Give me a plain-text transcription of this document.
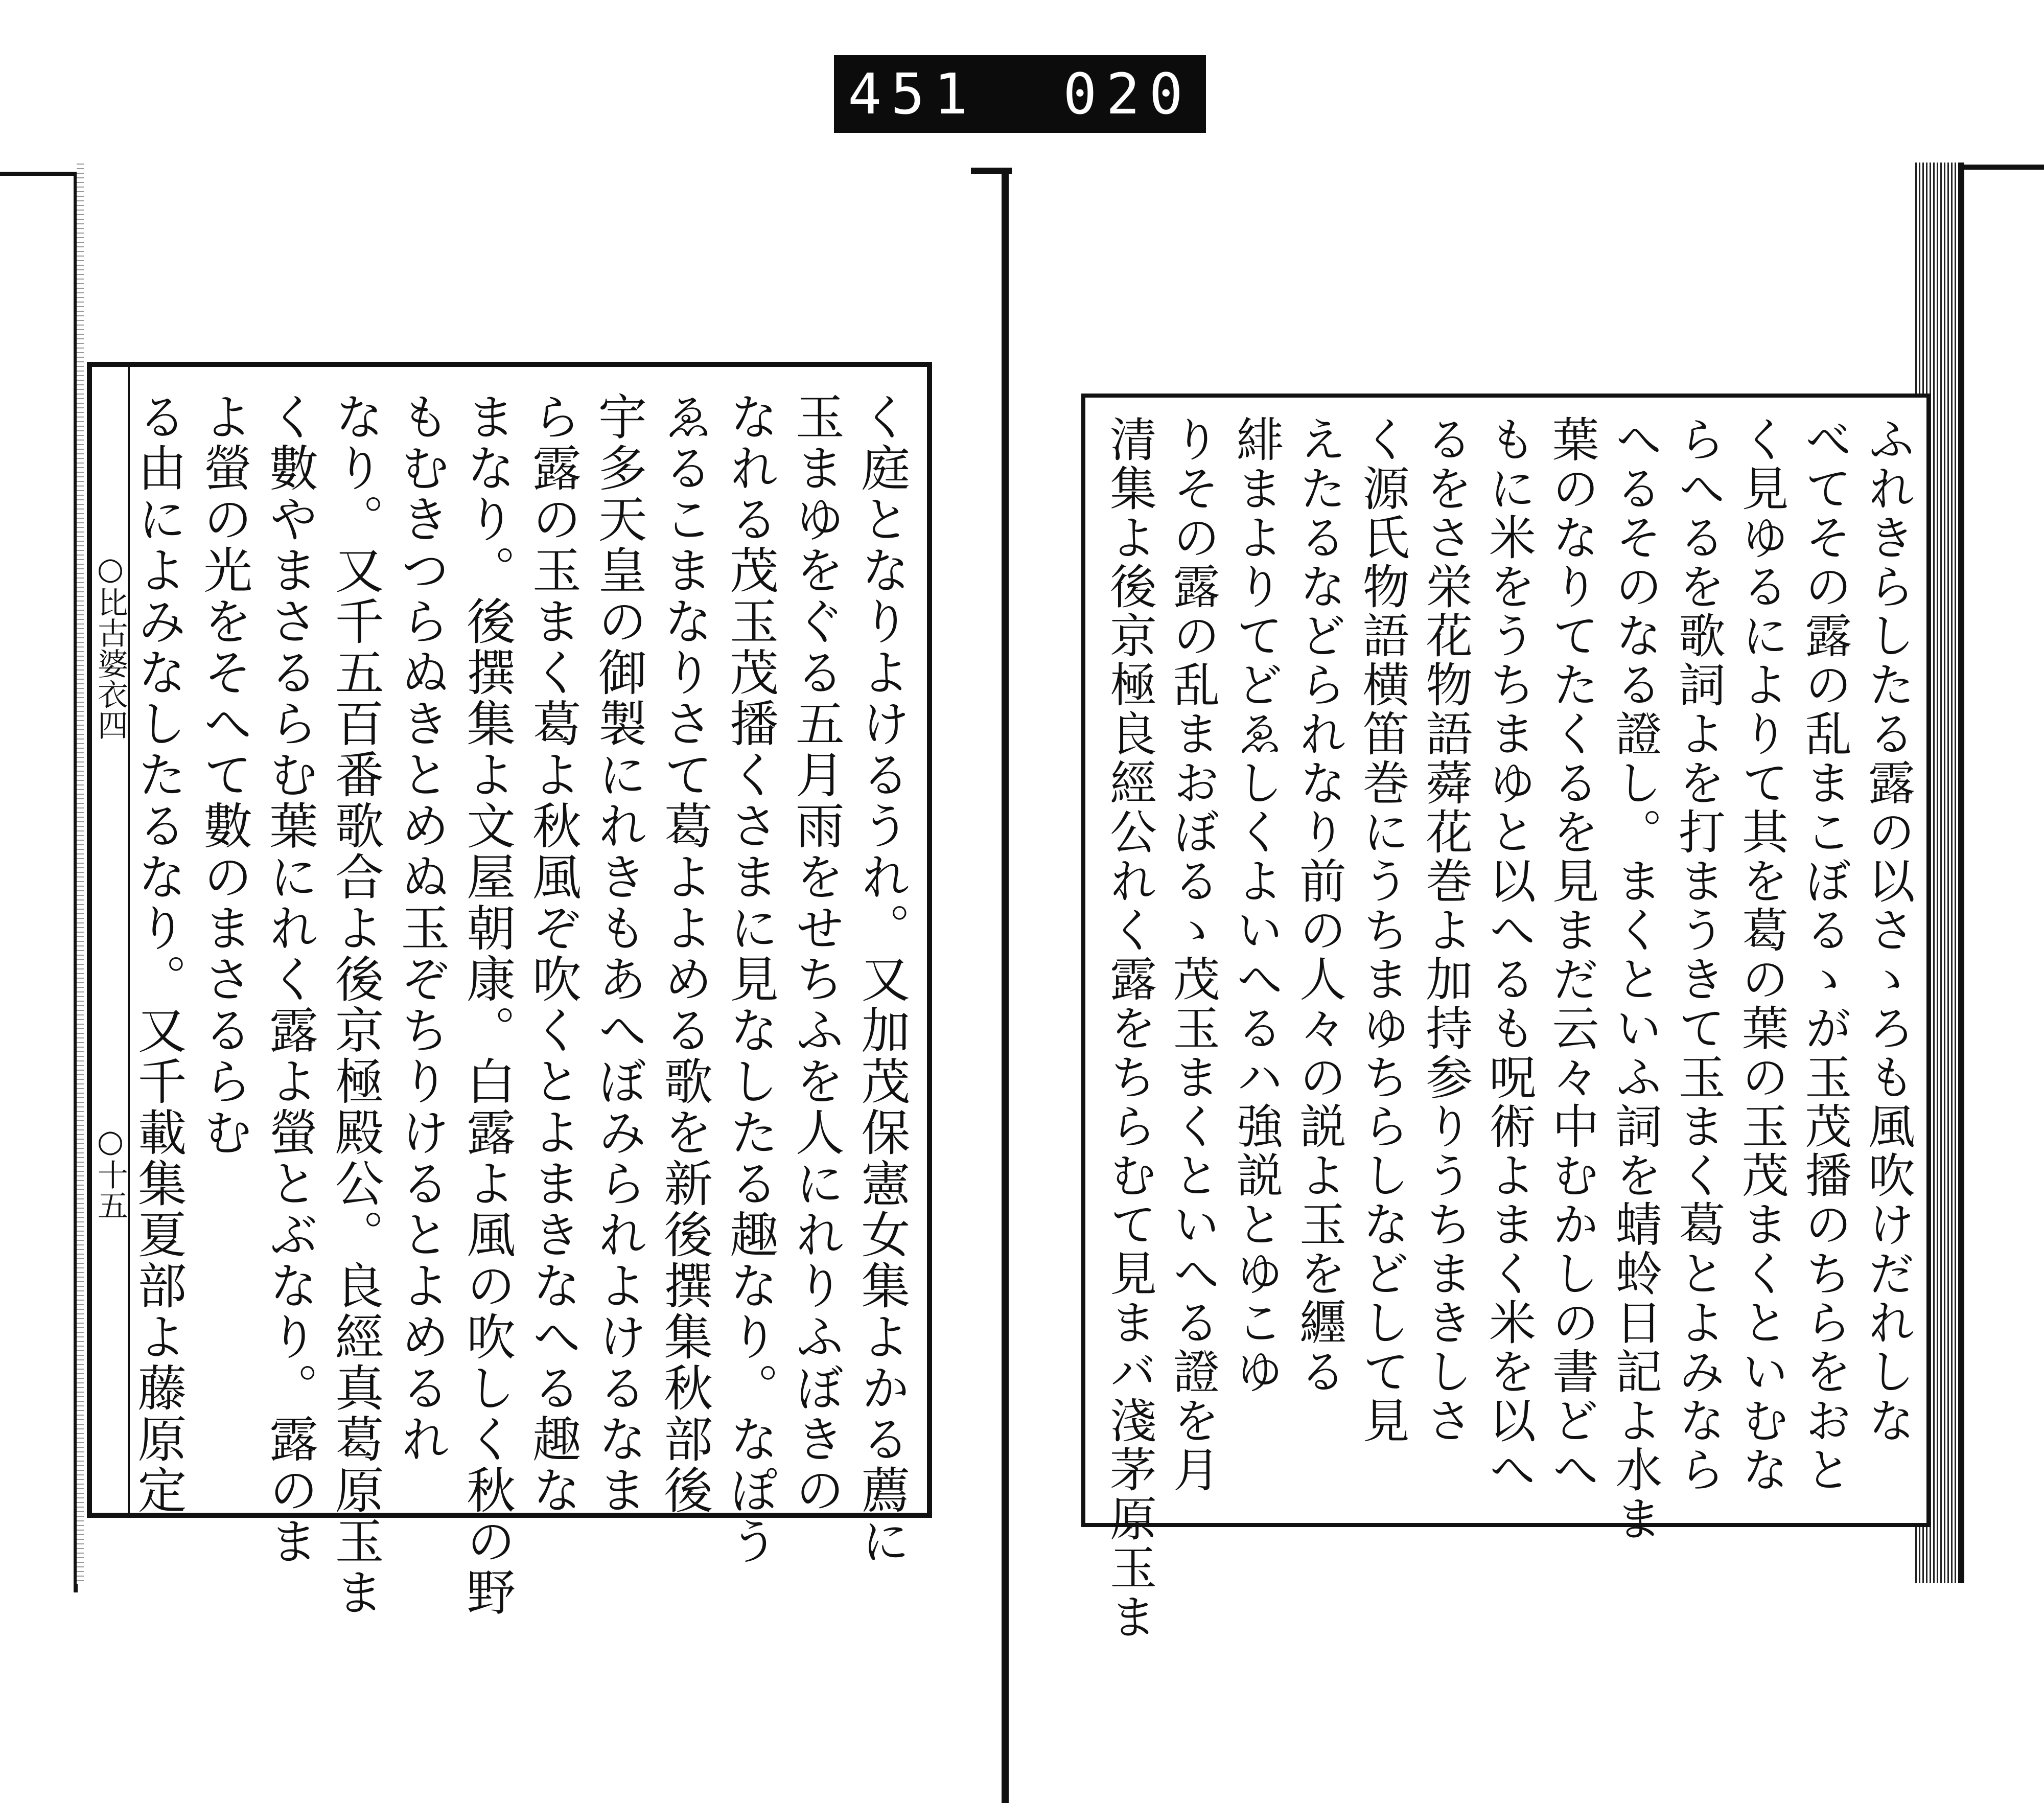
451
020
く庭となりよけるうれ。又加茂保憲女集よかる薦に
玉まゆをぐる五月雨をせちふを人にれりふぼきの
なれる茂玉茂播くさまに見なしたる趣なり。なぽう
ゑるこまなりさて葛よよめる歌を新後撰集秋部後
宇多天皇の御製にれきもあへぼみられよけるなま
ら露の玉まく葛よ秋風ぞ吹くとよまきなへる趣な
まなり。後撰集よ文屋朝康。白露よ風の吹しく秋の野
もむきつらぬきとめぬ玉ぞちりけるとよめるれ
なり。又千五百番歌合よ後京極殿公。良經真葛原玉ま
く數やまさるらむ葉にれく露よ螢とぶなり。露のま
よ螢の光をそへて數のまさるらむ
る由によみなしたるなり。又千載集夏部よ藤原定
○比古婆衣四
○十五	ふれきらしたる露の以さゝろも風吹けだれしな
べてその露の乱まこぼるゝが玉茂播のちらをおと
く見ゆるによりて其を葛の葉の玉茂まくといむな
らへるを歌詞よを打まうきて玉まく葛とよみなら
へるそのなる證し。まくといふ詞を蜻蛉日記よ水ま
葉のなりてたくるを見まだ云々中むかしの書どへ
もに米をうちまゆと以へるも呪術よまく米を以へ
るをさ栄花物語蕣花巻よ加持参りうちまきしさ
く源氏物語横笛巻にうちまゆちらしなどして見
えたるなどられなり前の人々の説よ玉を纒る
緋まよりてどゑしくよいへるハ強説とゆこゆ
りその露の乱まおぼるゝ茂玉まくといへる證を月
清集よ後京極良經公れく露をちらむて見まバ淺茅原玉ま
